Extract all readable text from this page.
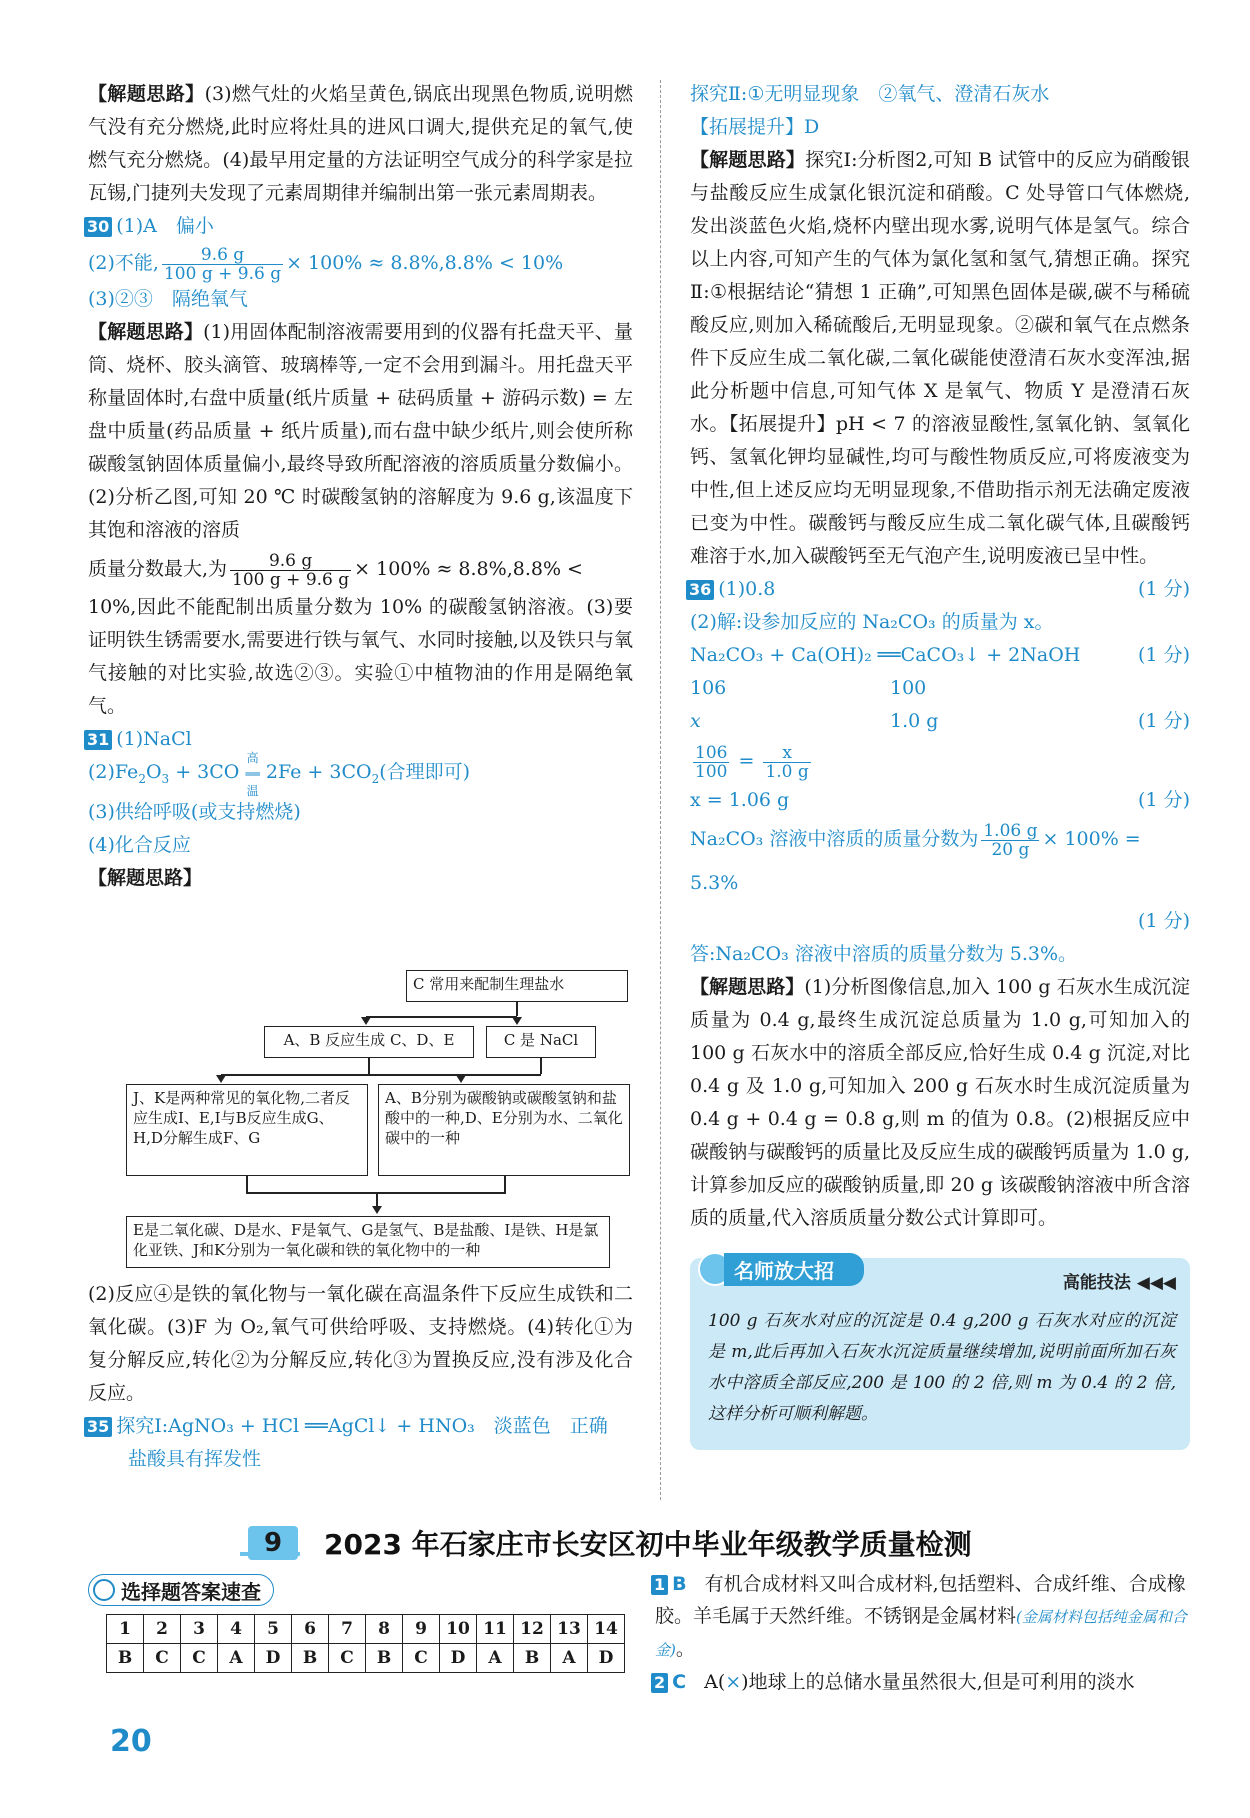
【解题思路】(3)燃气灶的火焰呈黄色,锅底出现黑色物质,说明燃气没有充分燃烧,此时应将灶具的进风口调大,提供充足的氧气,使燃气充分燃烧。(4)最早用定量的方法证明空气成分的科学家是拉瓦锡,门捷列夫发现了元素周期律并编制出第一张元素周期表。

30 (1)A　偏小
(2)不能, $\frac{9.6 g}{100 g + 9.6 g} \times 100\% \approx 8.8\%,8.8\% < 10\%$
(3)②③　隔绝氧气

【解题思路】(1)用固体配制溶液需要用到的仪器有托盘天平、量筒、烧杯、胶头滴管、玻璃棒等,一定不会用到漏斗。用托盘天平称量固体时,右盘中质量(纸片质量 + 砝码质量 + 游码示数) = 左盘中质量(药品质量 + 纸片质量),而右盘中缺少纸片,则会使所称碳酸氢钠固体质量偏小,最终导致所配溶液的溶质质量分数偏小。(2)分析乙图,可知 20 ℃ 时碳酸氢钠的溶解度为 9.6 g,该温度下其饱和溶液的溶质

质量分数最大,为 $\frac{9.6 g}{100 g + 9.6 g} \times 100\% \approx 8.8\%,8.8\%$ <

10%,因此不能配制出质量分数为 10% 的碳酸氢钠溶液。(3)要证明铁生锈需要水,需要进行铁与氧气、水同时接触,以及铁只与氧气接触的对比实验,故选②③。实验①中植物油的作用是隔绝氧气。

31 (1)NaCl
$(2)Fe_2O_3 + 3CO$
高温
══ $2Fe + 3CO_2$(合理即可)
(3)供给呼吸(或支持燃烧)
(4)化合反应
【解题思路】
C 常用来配制生理盐水
A、B 反应生成 C、D、E	C 是 NaCl
J、K是两种常见的氧化物,二者反应生成I、E,I与B反应生成G、H,D分解生成F、G
A、B分别为碳酸钠或碳酸氢钠和盐酸中的一种,D、E分别为水、二氧化碳中的一种
E是二氧化碳、D是水、F是氧气、G是氢气、B是盐酸、I是铁、H是氯化亚铁、J和K分别为一氧化碳和铁的氧化物中的一种

(2)反应④是铁的氧化物与一氧化碳在高温条件下反应生成铁和二氧化碳。(3)F 为 O₂,氧气可供给呼吸、支持燃烧。(4)转化①为复分解反应,转化②为分解反应,转化③为置换反应,没有涉及化合反应。

35 探究Ⅰ:AgNO₃ + HCl ══AgCl↓ + HNO₃　淡蓝色　正确
盐酸具有挥发性
探究Ⅱ:①无明显现象　②氧气、澄清石灰水
【拓展提升】D

【解题思路】探究Ⅰ:分析图2,可知 B 试管中的反应为硝酸银与盐酸反应生成氯化银沉淀和硝酸。C 处导管口气体燃烧,发出淡蓝色火焰,烧杯内壁出现水雾,说明气体是氢气。综合以上内容,可知产生的气体为氯化氢和氢气,猜想正确。探究Ⅱ:①根据结论“猜想 1 正确”,可知黑色固体是碳,碳不与稀硫酸反应,则加入稀硫酸后,无明显现象。②碳和氧气在点燃条件下反应生成二氧化碳,二氧化碳能使澄清石灰水变浑浊,据此分析题中信息,可知气体 X 是氧气、物质 Y 是澄清石灰水。【拓展提升】pH < 7 的溶液显酸性,氢氧化钠、氢氧化钙、氢氧化钾均显碱性,均可与酸性物质反应,可将废液变为中性,但上述反应均无明显现象,不借助指示剂无法确定废液已变为中性。碳酸钙与酸反应生成二氧化碳气体,且碳酸钙难溶于水,加入碳酸钙至无气泡产生,说明废液已呈中性。

36 (1)0.8	(1 分)
(2)解:设参加反应的 Na₂CO₃ 的质量为 x。
Na₂CO₃ + Ca(OH)₂ ══CaCO₃↓ + 2NaOH	(1 分)
106	100
x	1.0 g	(1 分)
$\frac{106}{100} = \frac{x}{1.0 g}$
x = 1.06 g	(1 分)
Na₂CO₃ 溶液中溶质的质量分数为 $\frac{1.06 g}{20 g} \times 100\% = 5.3\%$
(1 分)
答:Na₂CO₃ 溶液中溶质的质量分数为 5.3%。

【解题思路】(1)分析图像信息,加入 100 g 石灰水生成沉淀质量为 0.4 g,最终生成沉淀总质量为 1.0 g,可知加入的 100 g 石灰水中的溶质全部反应,恰好生成 0.4 g 沉淀,对比 0.4 g 及 1.0 g,可知加入 200 g 石灰水时生成沉淀质量为 0.4 g + 0.4 g = 0.8 g,则 m 的值为 0.8。(2)根据反应中碳酸钠与碳酸钙的质量比及反应生成的碳酸钙质量为 1.0 g,计算参加反应的碳酸钠质量,即 20 g 该碳酸钠溶液中所含溶质的质量,代入溶质质量分数公式计算即可。

名师放大招
高能技法 ◀◀◀
100 g 石灰水对应的沉淀是 0.4 g,200 g 石灰水对应的沉淀是 m,此后再加入石灰水沉淀质量继续增加,说明前面所加石灰水中溶质全部反应,200 是 100 的 2 倍,则 m 为 0.4 的 2 倍,这样分析可顺利解题。
9	2023 年石家庄市长安区初中毕业年级教学质量检测
选择题答案速查
1	2	3	4	5	6	7	8	9	10	11	12	13	14
B	C	C	A	D	B	C	B	C	D	A	B	A	D
1 B 有机合成材料又叫合成材料,包括塑料、合成纤维、合成橡胶。羊毛属于天然纤维。不锈钢是金属材料(金属材料包括纯金属和合金)。
2 C A(×)地球上的总储水量虽然很大,但是可利用的淡水
20
